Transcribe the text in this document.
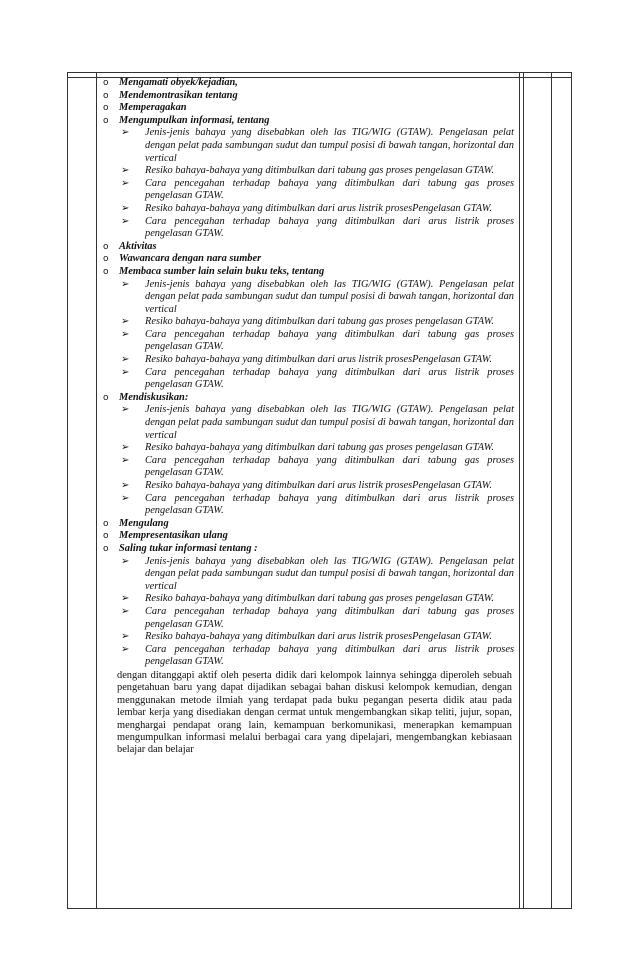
o Mengamati obyek/kejadian,
o Mendemontrasikan tentang
o Memperagakan
o Mengumpulkan informasi, tentang
➢ Jenis-jenis bahaya yang disebabkan oleh las TIG/WIG (GTAW). Pengelasan pelat dengan pelat pada sambungan sudut dan tumpul posisi di bawah tangan, horizontal dan vertical
➢ Resiko bahaya-bahaya yang ditimbulkan dari tabung gas proses pengelasan GTAW.
➢ Cara pencegahan terhadap bahaya yang ditimbulkan dari tabung gas proses pengelasan GTAW.
➢ Resiko bahaya-bahaya yang ditimbulkan dari arus listrik prosesPengelasan GTAW.
➢ Cara pencegahan terhadap bahaya yang ditimbulkan dari arus listrik proses pengelasan GTAW.
o Aktivitas
o Wawancara dengan nara sumber
o Membaca sumber lain selain buku teks, tentang
➢ Jenis-jenis bahaya yang disebabkan oleh las TIG/WIG (GTAW). Pengelasan pelat dengan pelat pada sambungan sudut dan tumpul posisi di bawah tangan, horizontal dan vertical
➢ Resiko bahaya-bahaya yang ditimbulkan dari tabung gas proses pengelasan GTAW.
➢ Cara pencegahan terhadap bahaya yang ditimbulkan dari tabung gas proses pengelasan GTAW.
➢ Resiko bahaya-bahaya yang ditimbulkan dari arus listrik prosesPengelasan GTAW.
➢ Cara pencegahan terhadap bahaya yang ditimbulkan dari arus listrik proses pengelasan GTAW.
o Mendiskusikan:
➢ Jenis-jenis bahaya yang disebabkan oleh las TIG/WIG (GTAW). Pengelasan pelat dengan pelat pada sambungan sudut dan tumpul posisi di bawah tangan, horizontal dan vertical
➢ Resiko bahaya-bahaya yang ditimbulkan dari tabung gas proses pengelasan GTAW.
➢ Cara pencegahan terhadap bahaya yang ditimbulkan dari tabung gas proses pengelasan GTAW.
➢ Resiko bahaya-bahaya yang ditimbulkan dari arus listrik prosesPengelasan GTAW.
➢ Cara pencegahan terhadap bahaya yang ditimbulkan dari arus listrik proses pengelasan GTAW.
o Mengulang
o Mempresentasikan ulang
o Saling tukar informasi tentang :
➢ Jenis-jenis bahaya yang disebabkan oleh las TIG/WIG (GTAW). Pengelasan pelat dengan pelat pada sambungan sudut dan tumpul posisi di bawah tangan, horizontal dan vertical
➢ Resiko bahaya-bahaya yang ditimbulkan dari tabung gas proses pengelasan GTAW.
➢ Cara pencegahan terhadap bahaya yang ditimbulkan dari tabung gas proses pengelasan GTAW.
➢ Resiko bahaya-bahaya yang ditimbulkan dari arus listrik prosesPengelasan GTAW.
➢ Cara pencegahan terhadap bahaya yang ditimbulkan dari arus listrik proses pengelasan GTAW.
dengan ditanggapi aktif oleh peserta didik dari kelompok lainnya sehingga diperoleh sebuah pengetahuan baru yang dapat dijadikan sebagai bahan diskusi kelompok kemudian, dengan menggunakan metode ilmiah yang terdapat pada buku pegangan peserta didik atau pada lembar kerja yang disediakan dengan cermat untuk mengembangkan sikap teliti, jujur, sopan, menghargai pendapat orang lain, kemampuan berkomunikasi, menerapkan kemampuan mengumpulkan informasi melalui berbagai cara yang dipelajari, mengembangkan kebiasaan belajar dan belajar
